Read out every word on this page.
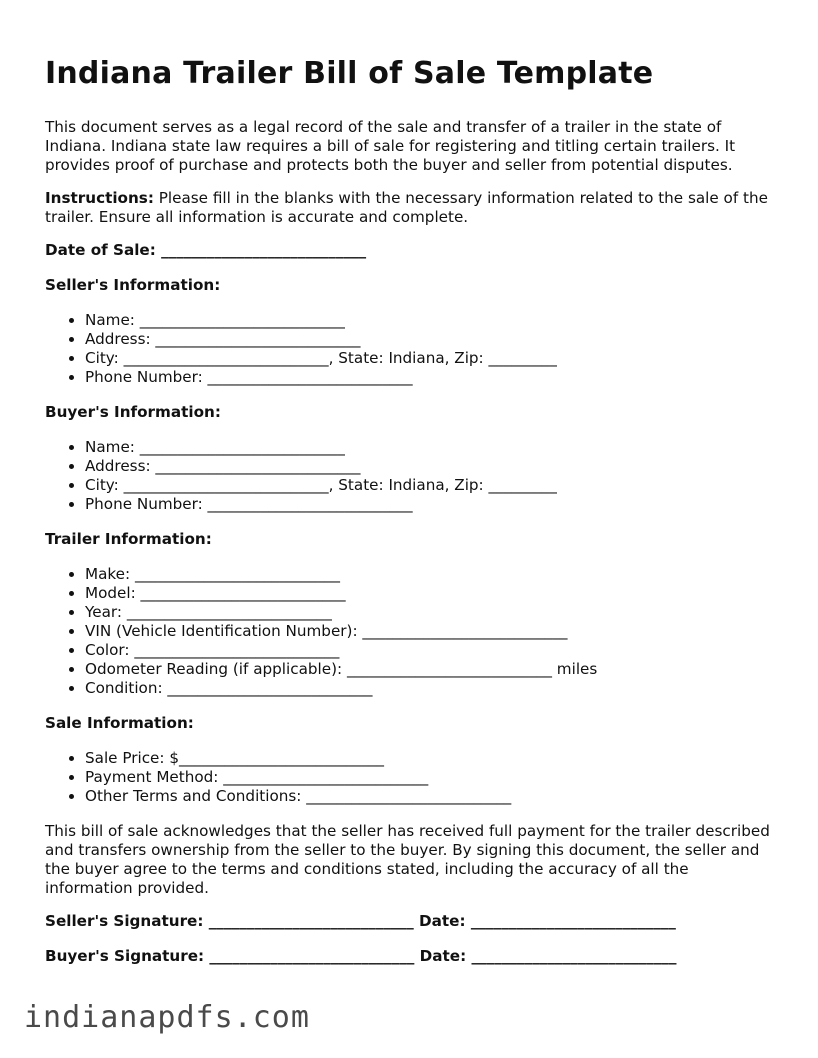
Indiana Trailer Bill of Sale Template

This document serves as a legal record of the sale and transfer of a trailer in the state of Indiana. Indiana state law requires a bill of sale for registering and titling certain trailers. It provides proof of purchase and protects both the buyer and seller from potential disputes.

Instructions: Please fill in the blanks with the necessary information related to the sale of the trailer. Ensure all information is accurate and complete.

Date of Sale: ___________________________
Seller's Information:
• Name: ___________________________
• Address: ___________________________
• City: ___________________________, State: Indiana, Zip: _________
• Phone Number: ___________________________
Buyer's Information:
• Name: ___________________________
• Address: ___________________________
• City: ___________________________, State: Indiana, Zip: _________
• Phone Number: ___________________________
Trailer Information:
• Make: ___________________________
• Model: ___________________________
• Year: ___________________________
• VIN (Vehicle Identification Number): ___________________________
• Color: ___________________________
• Odometer Reading (if applicable): ___________________________ miles
• Condition: ___________________________
Sale Information:
• Sale Price: $___________________________
• Payment Method: ___________________________
• Other Terms and Conditions: ___________________________

This bill of sale acknowledges that the seller has received full payment for the trailer described and transfers ownership from the seller to the buyer. By signing this document, the seller and the buyer agree to the terms and conditions stated, including the accuracy of all the information provided.

Seller's Signature: ___________________________ Date: ___________________________
Buyer's Signature: ___________________________ Date: ___________________________
indianapdfs.com
